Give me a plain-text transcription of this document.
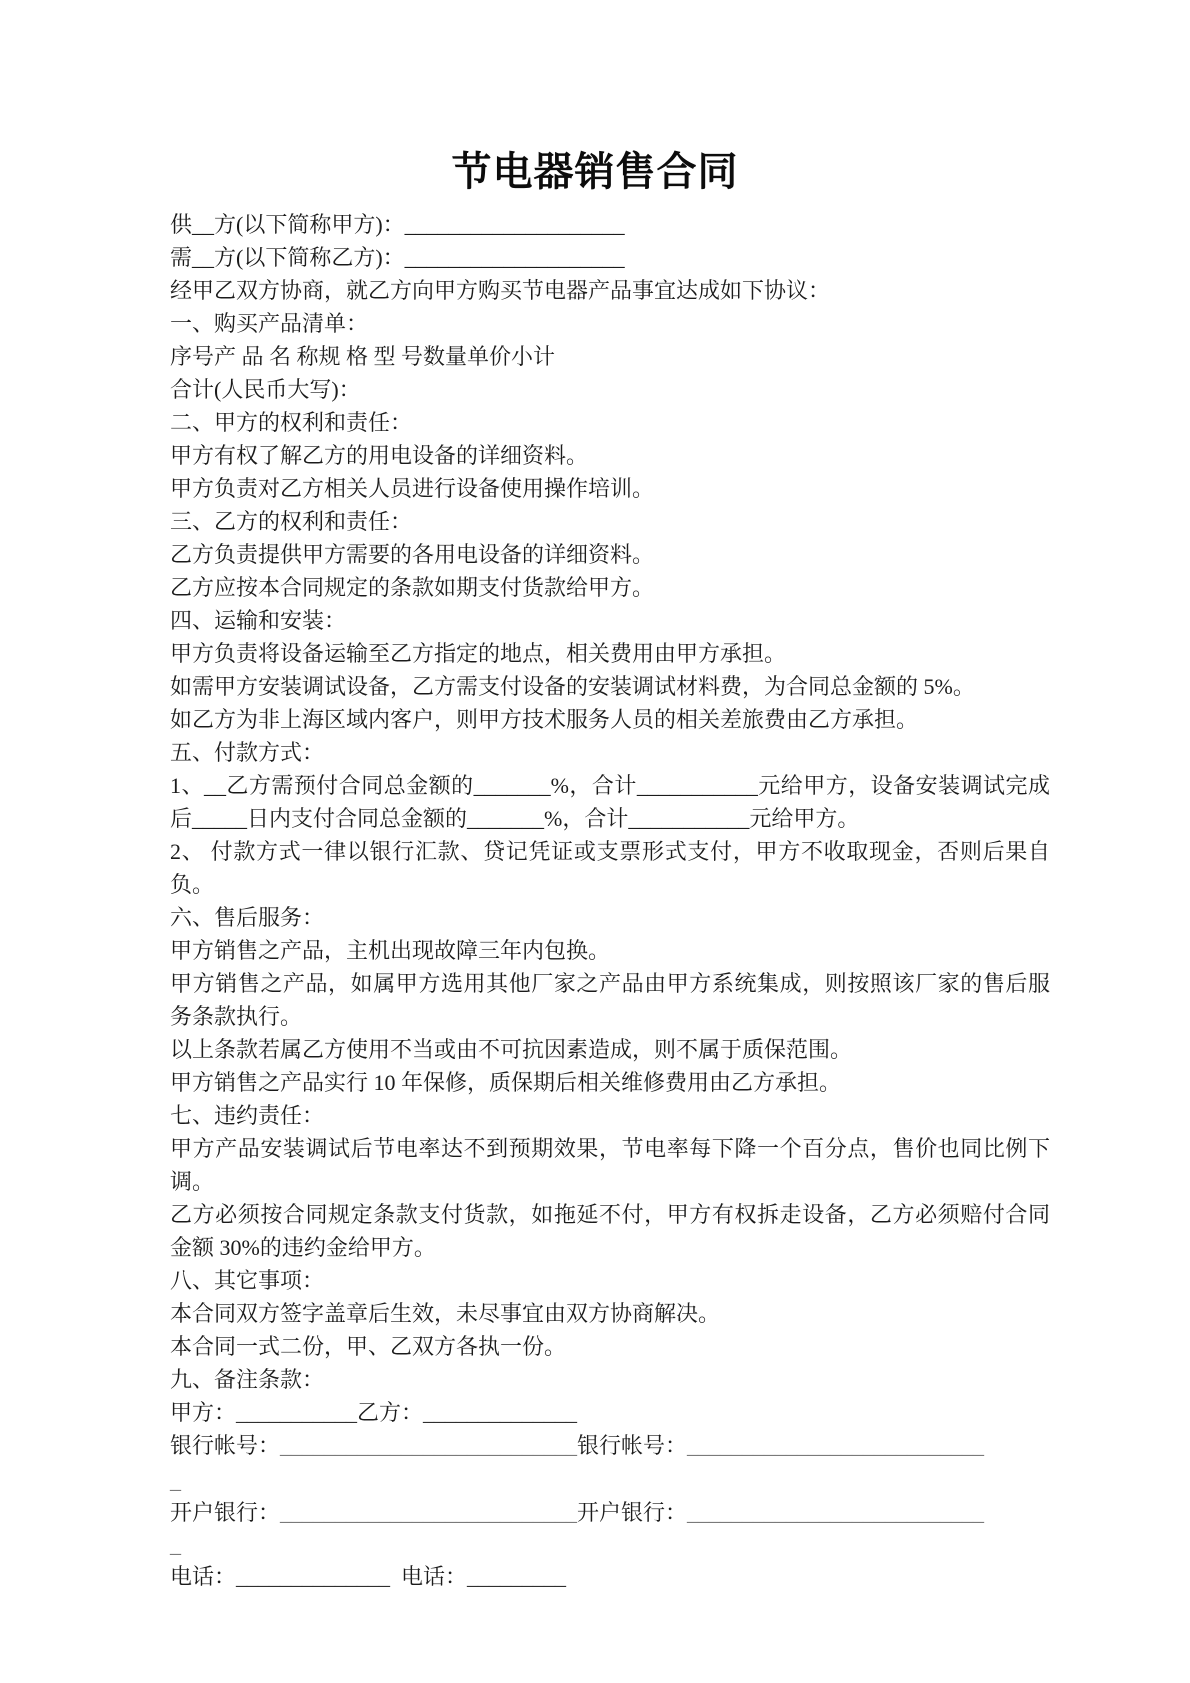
节电器销售合同
供__方(以下简称甲方)：____________________
需__方(以下简称乙方)：____________________
经甲乙双方协商，就乙方向甲方购买节电器产品事宜达成如下协议：
一、购买产品清单：
序号产 品 名 称规 格 型 号数量单价小计
合计(人民币大写)：
二、甲方的权利和责任：
甲方有权了解乙方的用电设备的详细资料。
甲方负责对乙方相关人员进行设备使用操作培训。
三、乙方的权利和责任：
乙方负责提供甲方需要的各用电设备的详细资料。
乙方应按本合同规定的条款如期支付货款给甲方。
四、运输和安装：
甲方负责将设备运输至乙方指定的地点，相关费用由甲方承担。
如需甲方安装调试设备，乙方需支付设备的安装调试材料费，为合同总金额的 5%。
如乙方为非上海区域内客户，则甲方技术服务人员的相关差旅费由乙方承担。
五、付款方式：
1、__乙方需预付合同总金额的_______%，合计___________元给甲方，设备安装调试完成
后_____日内支付合同总金额的_______%，合计___________元给甲方。
2、 付款方式一律以银行汇款、贷记凭证或支票形式支付，甲方不收取现金，否则后果自
负。
六、售后服务：
甲方销售之产品，主机出现故障三年内包换。
甲方销售之产品，如属甲方选用其他厂家之产品由甲方系统集成，则按照该厂家的售后服
务条款执行。
以上条款若属乙方使用不当或由不可抗因素造成，则不属于质保范围。
甲方销售之产品实行 10 年保修，质保期后相关维修费用由乙方承担。
七、违约责任：
甲方产品安装调试后节电率达不到预期效果，节电率每下降一个百分点，售价也同比例下
调。
乙方必须按合同规定条款支付货款，如拖延不付，甲方有权拆走设备，乙方必须赔付合同
金额 30%的违约金给甲方。
八、其它事项：
本合同双方签字盖章后生效，未尽事宜由双方协商解决。
本合同一式二份，甲、乙双方各执一份。
九、备注条款：
甲方：___________乙方：______________
银行帐号：___________________________银行帐号：___________________________
_
开户银行：___________________________开户银行：___________________________
_
电话：______________  电话：_________
